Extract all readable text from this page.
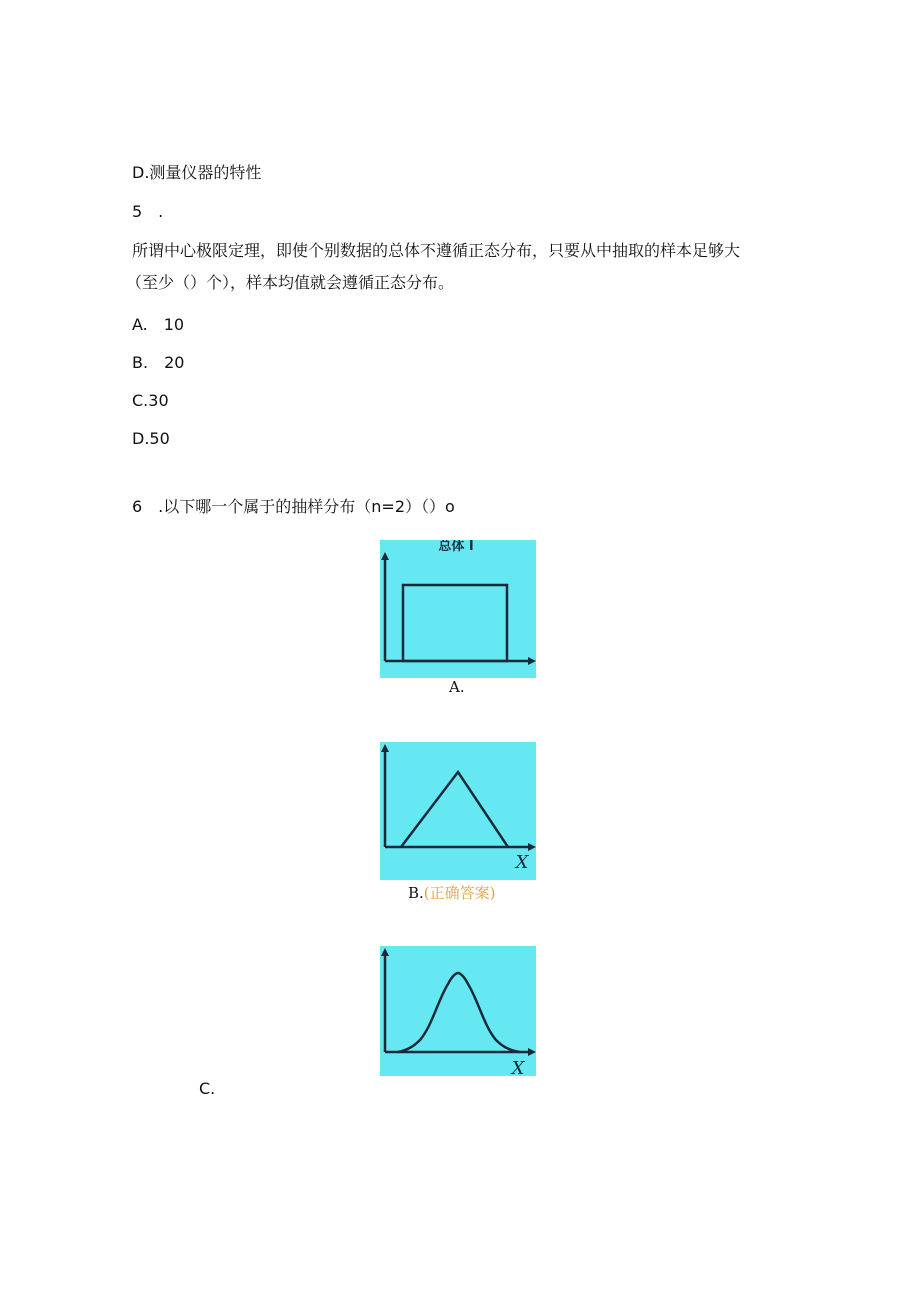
D.测量仪器的特性

5　.

所谓中心极限定理，即使个别数据的总体不遵循正态分布，只要从中抽取的样本足够大

（至少（）个），样本均值就会遵循正态分布。

A.　10

B.　20

C.30

D.50

6　.以下哪一个属于的抽样分布（n=2）（）o

总体 I
A.
X
B.(正确答案)
X

C.
